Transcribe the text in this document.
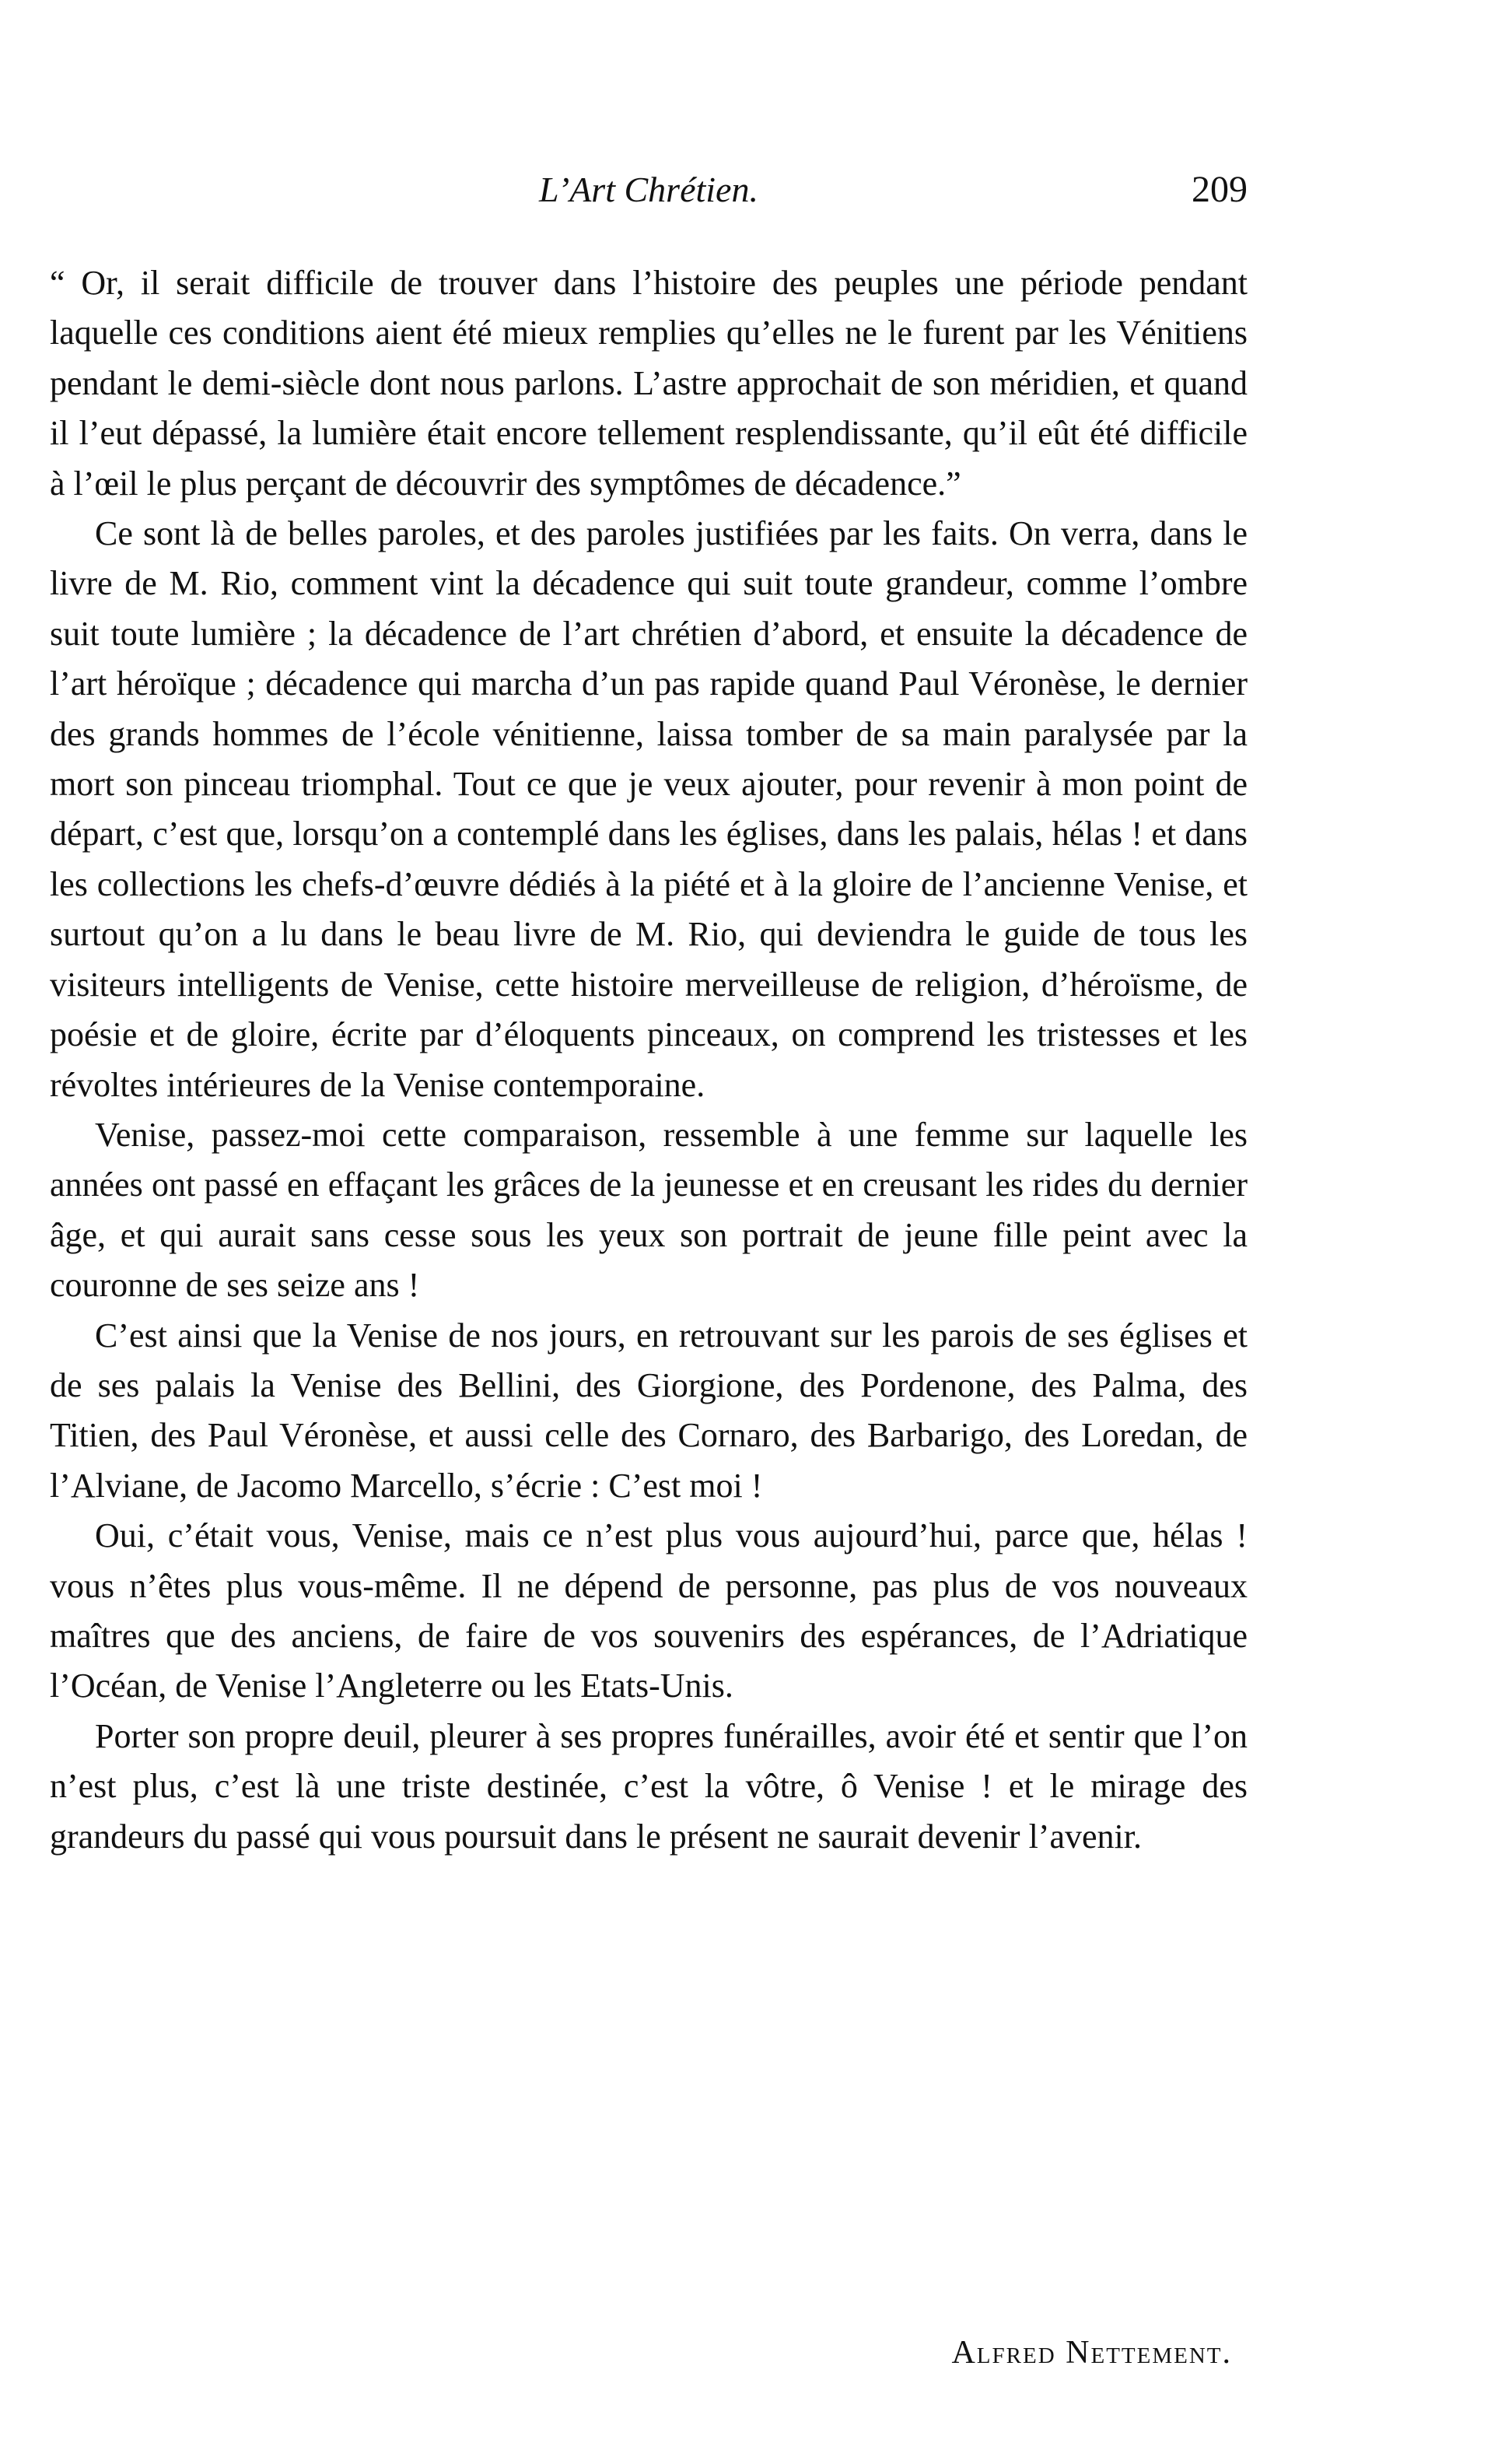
L’Art Chrétien.	209

“ Or, il serait difficile de trouver dans l’histoire des peuples une période pendant laquelle ces conditions aient été mieux remplies qu’elles ne le furent par les Vénitiens pendant le demi-siècle dont nous parlons. L’astre approchait de son méridien, et quand il l’eut dépassé, la lumière était encore tellement resplendissante, qu’il eût été difficile à l’œil le plus perçant de découvrir des symptômes de décadence.”

Ce sont là de belles paroles, et des paroles justifiées par les faits. On verra, dans le livre de M. Rio, comment vint la décadence qui suit toute grandeur, comme l’ombre suit toute lumière ; la décadence de l’art chrétien d’abord, et ensuite la décadence de l’art héroïque ; décadence qui marcha d’un pas rapide quand Paul Véronèse, le dernier des grands hommes de l’école vénitienne, laissa tomber de sa main paralysée par la mort son pinceau triomphal. Tout ce que je veux ajouter, pour revenir à mon point de départ, c’est que, lorsqu’on a contemplé dans les églises, dans les palais, hélas ! et dans les collections les chefs-d’œuvre dédiés à la piété et à la gloire de l’ancienne Venise, et surtout qu’on a lu dans le beau livre de M. Rio, qui deviendra le guide de tous les visiteurs intelligents de Venise, cette histoire merveilleuse de religion, d’héroïsme, de poésie et de gloire, écrite par d’éloquents pinceaux, on comprend les tristesses et les révoltes intérieures de la Venise contemporaine.

Venise, passez-moi cette comparaison, ressemble à une femme sur laquelle les années ont passé en effaçant les grâces de la jeunesse et en creusant les rides du dernier âge, et qui aurait sans cesse sous les yeux son portrait de jeune fille peint avec la couronne de ses seize ans !

C’est ainsi que la Venise de nos jours, en retrouvant sur les parois de ses églises et de ses palais la Venise des Bellini, des Giorgione, des Pordenone, des Palma, des Titien, des Paul Véronèse, et aussi celle des Cornaro, des Barbarigo, des Loredan, de l’Alviane, de Jacomo Marcello, s’écrie : C’est moi !

Oui, c’était vous, Venise, mais ce n’est plus vous aujourd’hui, parce que, hélas ! vous n’êtes plus vous-même. Il ne dépend de personne, pas plus de vos nouveaux maîtres que des anciens, de faire de vos souvenirs des espérances, de l’Adriatique l’Océan, de Venise l’Angleterre ou les Etats-Unis.

Porter son propre deuil, pleurer à ses propres funérailles, avoir été et sentir que l’on n’est plus, c’est là une triste destinée, c’est la vôtre, ô Venise ! et le mirage des grandeurs du passé qui vous poursuit dans le présent ne saurait devenir l’avenir.

Alfred Nettement.
